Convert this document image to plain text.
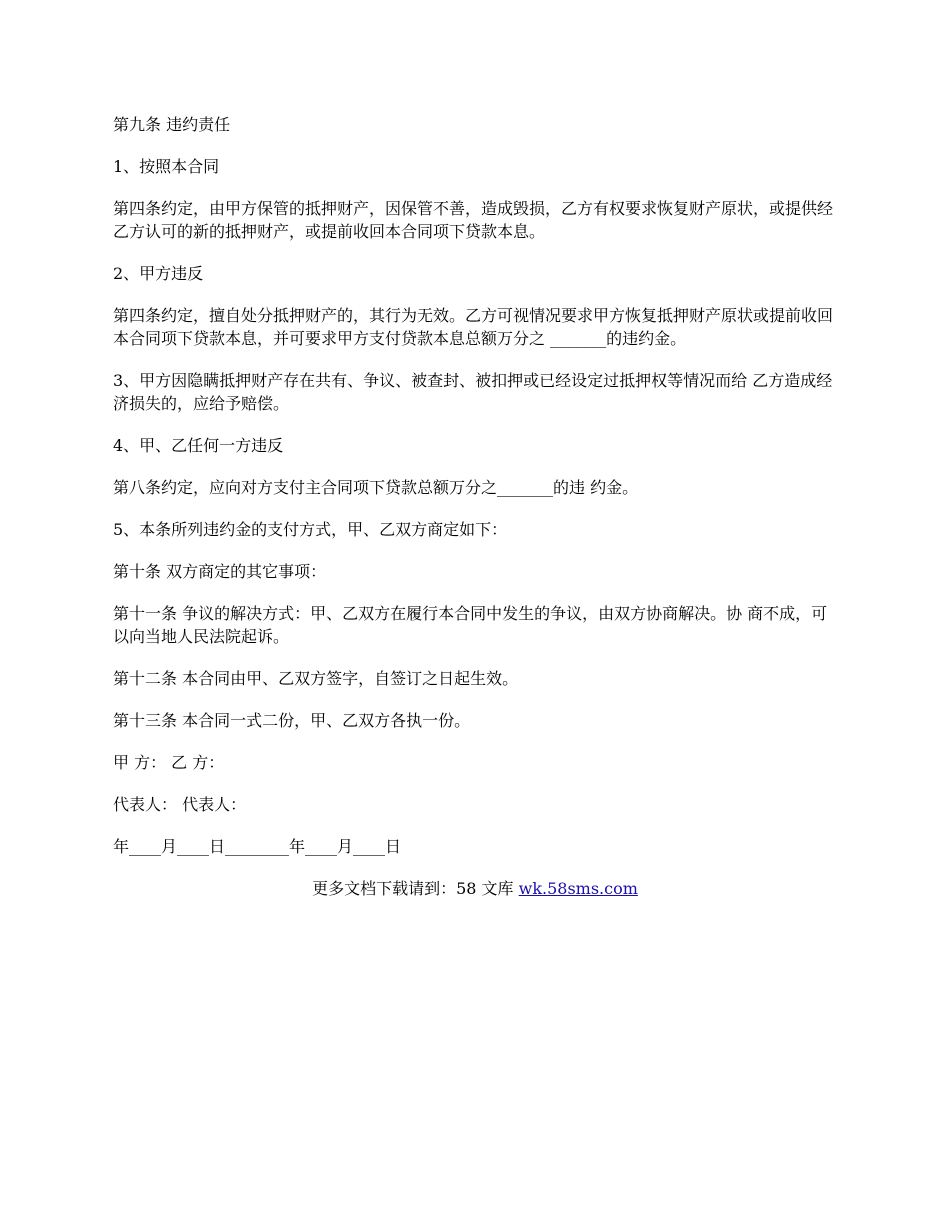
第九条 违约责任

1、按照本合同

第四条约定，由甲方保管的抵押财产，因保管不善，造成毁损，乙方有权要求恢复财产原状，或提供经乙方认可的新的抵押财产，或提前收回本合同项下贷款本息。

2、甲方违反

第四条约定，擅自处分抵押财产的，其行为无效。乙方可视情况要求甲方恢复抵押财产原状或提前收回本合同项下贷款本息，并可要求甲方支付贷款本息总额万分之 _______的违约金。

3、甲方因隐瞒抵押财产存在共有、争议、被查封、被扣押或已经设定过抵押权等情况而给 乙方造成经济损失的，应给予赔偿。

4、甲、乙任何一方违反

第八条约定，应向对方支付主合同项下贷款总额万分之_______的违 约金。

5、本条所列违约金的支付方式，甲、乙双方商定如下：

第十条 双方商定的其它事项：

第十一条 争议的解决方式：甲、乙双方在履行本合同中发生的争议，由双方协商解决。协 商不成，可以向当地人民法院起诉。

第十二条 本合同由甲、乙双方签字，自签订之日起生效。

第十三条 本合同一式二份，甲、乙双方各执一份。

甲 方： 乙 方：

代表人： 代表人：

年____月____日________年____月____日

更多文档下载请到：58 文库 wk.58sms.com
